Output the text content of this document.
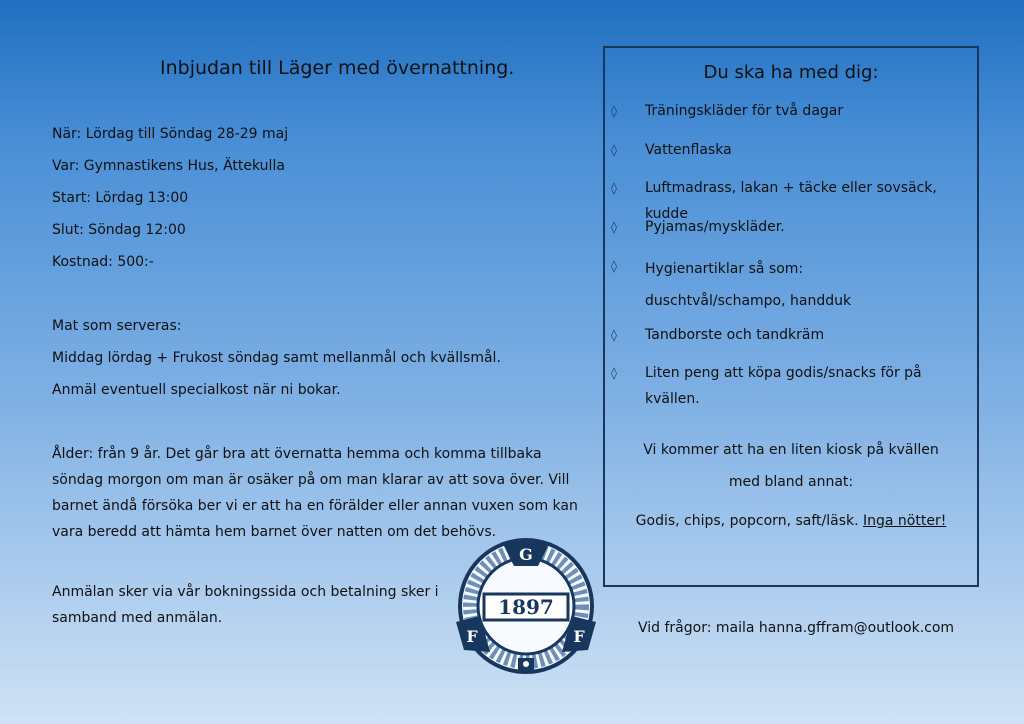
Inbjudan till Läger med övernattning.
När: Lördag till Söndag 28-29 maj
Var: Gymnastikens Hus, Ättekulla
Start: Lördag 13:00
Slut: Söndag 12:00
Kostnad: 500:-
Mat som serveras:
Middag lördag + Frukost söndag samt mellanmål och kvällsmål.
Anmäl eventuell specialkost när ni bokar.
Ålder: från 9 år. Det går bra att övernatta hemma och komma tillbaka söndag morgon om man är osäker på om man klarar av att sova över. Vill barnet ändå försöka ber vi er att ha en förälder eller annan vuxen som kan vara beredd att hämta hem barnet över natten om det behövs.
Anmälan sker via vår bokningssida och betalning sker i samband med anmälan.
Du ska ha med dig:
◊ Träningskläder för två dagar
◊ Vattenflaska
◊ Luftmadrass, lakan + täcke eller sovsäck, kudde
◊ Pyjamas/myskläder.
◊ Hygienartiklar så som: duschtvål/schampo, handduk
◊ Tandborste och tandkräm
◊ Liten peng att köpa godis/snacks för på kvällen.
Vi kommer att ha en liten kiosk på kvällen
med bland annat:
Godis, chips, popcorn, saft/läsk. Inga nötter!
Vid frågor: maila hanna.gffram@outlook.com
1897
G
F	F
